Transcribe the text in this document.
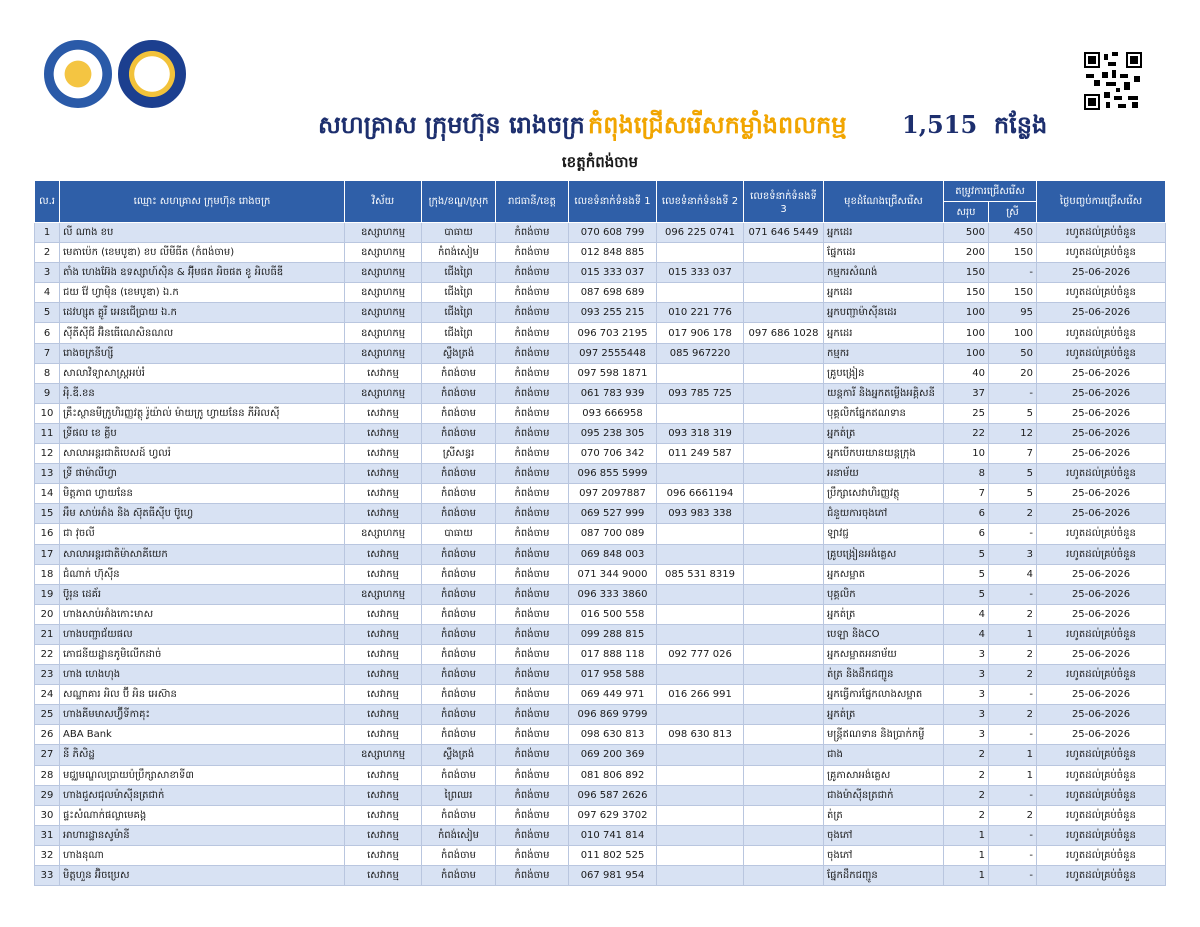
សហគ្រាស ក្រុមហ៊ុន រោងចក្រ កំពុងជ្រើសរើសកម្លាំងពលកម្ម 1,515 កន្លែង
ខេត្តកំពង់ចាម
ល.រ	ឈ្មោះ សហគ្រាស ក្រុមហ៊ុន រោងចក្រ	វិស័យ	ក្រុង/ខណ្ឌ/ស្រុក	រាជធានី/ខេត្ត	លេខទំនាក់ទំនងទី 1	លេខទំនាក់ទំនងទី 2	លេខទំនាក់ទំនងទី 3	មុខដំណែងជ្រើសរើស	តម្រូវការជ្រើសរើស		ថ្ងៃបញ្ចប់ការជ្រើសរើស
									សរុប	ស្រី	
1	លី ណាង ខប	ឧស្សាហកម្ម	បាធាយ	កំពង់ចាម	070 608 799	096 225 0741	071 646 5449	អ្នកដេរ	500	450	រហូតដល់គ្រប់ចំនួន
2	មេតាប៉េក (ខេមបូឌា) ខប លីមីធីត (កំពង់ចាម)	ឧស្សាហកម្ម	កំពង់សៀម	កំពង់ចាម	012 848 885			ផ្នែកដេរ	200	150	រហូតដល់គ្រប់ចំនួន
3	តាំង ហេងអ៊ែង ឧទស្សាហ៍ស៊ិន & អ៊ុីមផត អិចផត ខូ អិលធីឌី	ឧស្សាហកម្ម	ជើងព្រៃ	កំពង់ចាម	015 333 037	015 333 037		កម្មករសំណង់	150	-	25-06-2026
4	ជយ វ៉ែ ហ្វាម៉ិន (ខេមបូឌា) ឯ.ក	ឧស្សាហកម្ម	ជើងព្រៃ	កំពង់ចាម	087 698 689			អ្នកដេរ	150	150	រហូតដល់គ្រប់ចំនួន
5	ដេវហ្សុត គ្លូរី អេនជើប្រាយ ឯ.ក	ឧស្សាហកម្ម	ជើងព្រៃ	កំពង់ចាម	093 255 215	010 221 776		អ្នកបញ្ជាម៉ាស៊ីនដេរ	100	95	25-06-2026
6	ស៊ីតីស៊ីជី អ៊ិនធើណេសិនណល	ឧស្សាហកម្ម	ជើងព្រៃ	កំពង់ចាម	096 703 2195	017 906 178	097 686 1028	អ្នកដេរ	100	100	រហូតដល់គ្រប់ចំនួន
7	រោងចក្រនីហ្សី	ឧស្សាហកម្ម	ស្ទឹងត្រង់	កំពង់ចាម	097 2555448	085 967220		កម្មករ	100	50	រហូតដល់គ្រប់ចំនួន
8	សាលាវិទ្យាសាស្ត្រអប់រំ	សេវាកម្ម	កំពង់ចាម	កំពង់ចាម	097 598 1871			គ្រូបង្រៀន	40	20	25-06-2026
9	អុិ.ឌី.ខន	ឧស្សាហកម្ម	កំពង់ចាម	កំពង់ចាម	061 783 939	093 785 725		យន្តការី និងអ្នកតម្លើងអគ្គិសនី	37	-	25-06-2026
10	គ្រឹះស្ថានមីក្រូហិរញ្ញវត្ថុ រ៉ូយ៉ាល់ ម៉ាយក្រូ ហ្វាយនែន ភីអិលស៊ី	សេវាកម្ម	កំពង់ចាម	កំពង់ចាម	093 666958			បុគ្គលិកផ្នែកឥណទាន	25	5	25-06-2026
11	ទ្រីផល ខេ គ្លីប	សេវាកម្ម	កំពង់ចាម	កំពង់ចាម	095 238 305	093 318 319		អ្នកត់ត្រ	22	12	25-06-2026
12	សាលាអន្តរជាតិបេសដ៍ ហ្វលរ៉	សេវាកម្ម	ស្រីសន្ធរ	កំពង់ចាម	070 706 342	011 249 587		អ្នកបើកបរយានយន្តក្រុង	10	7	25-06-2026
13	ទ្រី ផាម៉ាលីហ្វា	សេវាកម្ម	កំពង់ចាម	កំពង់ចាម	096 855 5999			អនាម័យ	8	5	រហូតដល់គ្រប់ចំនួន
14	មិត្តភាព ហ្វាយនែន	សេវាកម្ម	កំពង់ចាម	កំពង់ចាម	097 2097887	096 6661194		ប្រឹក្សាសេវាហិរញ្ញវត្ថុ	7	5	25-06-2026
15	អឹម សាប់អាំង និង ស៊ុតធីស៊ីប ប៊ូហ្វេ	សេវាកម្ម	កំពង់ចាម	កំពង់ចាម	069 527 999	093 983 338		ជំនួយការចុងភៅ	6	2	25-06-2026
16	ជា វុចលី	ឧស្សាហកម្ម	បាធាយ	កំពង់ចាម	087 700 089			ឡាវជ្ជ	6	-	រហូតដល់គ្រប់ចំនួន
17	សាលាអន្តរជាតិម៉ាសាគីយេក	សេវាកម្ម	កំពង់ចាម	កំពង់ចាម	069 848 003			គ្រូបង្រៀនអង់គ្លេស	5	3	រហូតដល់គ្រប់ចំនួន
18	ជំណាក់ ហ៊ុស៊ីន	សេវាកម្ម	កំពង់ចាម	កំពង់ចាម	071 344 9000	085 531 8319		អ្នកសម្អាត	5	4	25-06-2026
19	ប៊ូរុន ដេគ័រ	ឧស្សាហកម្ម	កំពង់ចាម	កំពង់ចាម	096 333 3860			បុគ្គលិក	5	-	25-06-2026
20	ហាងសាប់អាំងកោះមាស	សេវាកម្ម	កំពង់ចាម	កំពង់ចាម	016 500 558			អ្នកត់ត្រ	4	2	25-06-2026
21	ហាងបញ្ជាជ័យផល	សេវាកម្ម	កំពង់ចាម	កំពង់ចាម	099 288 815			បេឡា និងCO	4	1	រហូតដល់គ្រប់ចំនួន
22	ភោជនីយដ្ឋានភូមិលើកដាច់	សេវាកម្ម	កំពង់ចាម	កំពង់ចាម	017 888 118	092 777 026		អ្នកសម្អាតអនាម័យ	3	2	25-06-2026
23	ហាង ហេងហុង	សេវាកម្ម	កំពង់ចាម	កំពង់ចាម	017 958 588			ត់ត្រ និងដឹកជញ្ជូន	3	2	រហូតដល់គ្រប់ចំនួន
24	សណ្ឋាគារ អិល ប៊ី អិន អេស៊ាន	សេវាកម្ម	កំពង់ចាម	កំពង់ចាម	069 449 971	016 266 991		អ្នកធ្វើការផ្នែកលាងសម្អាត	3	-	25-06-2026
25	ហាងគីមមាសហ្វ៊ីទីកាគុះ	សេវាកម្ម	កំពង់ចាម	កំពង់ចាម	096 869 9799			អ្នកត់ត្រ	3	2	25-06-2026
26	ABA Bank	សេវាកម្ម	កំពង់ចាម	កំពង់ចាម	098 630 813	098 630 813		មន្ត្រីឥណទាន និងប្រាក់កម្ចី	3	-	25-06-2026
27	នី ភិសិដ្ឋ	ឧស្សាហកម្ម	ស្ទឹងត្រង់	កំពង់ចាម	069 200 369			ជាង	2	1	រហូតដល់គ្រប់ចំនួន
28	មជ្ឈមណ្ឌលប្រាយប៉ប្រឹក្សាសាខាទី៣	សេវាកម្ម	កំពង់ចាម	កំពង់ចាម	081 806 892			គ្រូភាសាអង់គ្លេស	2	1	រហូតដល់គ្រប់ចំនួន
29	ហាងជួសជុលម៉ាស៊ីនត្រជាក់	សេវាកម្ម	ព្រៃឈរ	កំពង់ចាម	096 587 2626			ជាងម៉ាស៊ីនត្រជាក់	2	-	រហូតដល់គ្រប់ចំនួន
30	ផ្ទះសំណាក់ផល្លាមេគង្គ	សេវាកម្ម	កំពង់ចាម	កំពង់ចាម	097 629 3702			ត់ត្រ	2	2	រហូតដល់គ្រប់ចំនួន
31	អាហារដ្ឋានសូម៉ានី	សេវាកម្ម	កំពង់សៀម	កំពង់ចាម	010 741 814			ចុងភៅ	1	-	រហូតដល់គ្រប់ចំនួន
32	ហាងនុណា	សេវាកម្ម	កំពង់ចាម	កំពង់ចាម	011 802 525			ចុងភៅ	1	-	រហូតដល់គ្រប់ចំនួន
33	មិត្តហួន អ៊ិចប្រេស	សេវាកម្ម	កំពង់ចាម	កំពង់ចាម	067 981 954			ផ្នែកដឹកជញ្ជូន	1	-	រហូតដល់គ្រប់ចំនួន
